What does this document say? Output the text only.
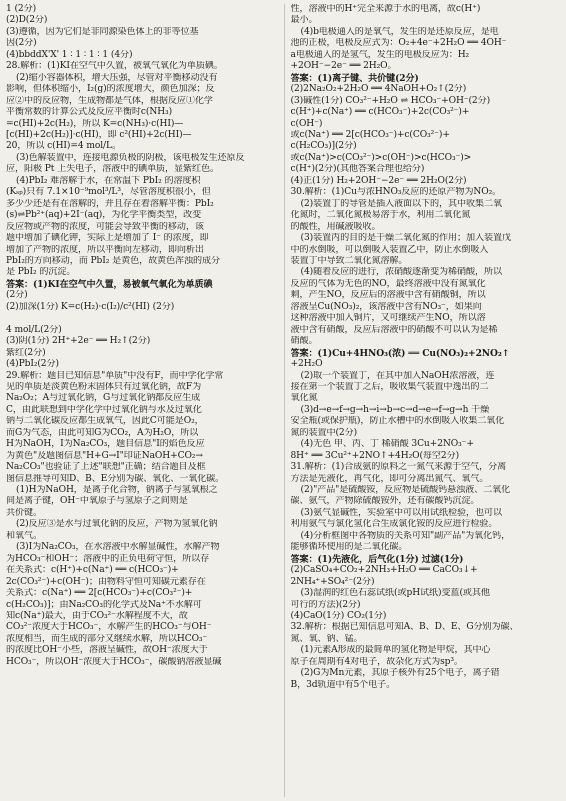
1 (2分)
(2)D(2分)
(3)遵循，因为它们是非同源染色体上的非等位基
因(2分)
(4)bbddX'X' 1 ∶ 1 ∶ 1 ∶ 1 (4分)
28.解析：(1)KI在空气中久置，被氧气氧化为单质碘。
(2)缩小容器体积，增大压强，尽管对平衡移动没有
影响，但体积缩小，I₂(g)的浓度增大，颜色加深；反
应②中的反应物，生成物都是气体，根据反应①化学
平衡常数的计算公式及反应平衡时c(NH₃)
=c(HI)+2c(H₂)，所以 K=c(NH₃)·c(HI)—
[c(HI)+2c(H₂)]·c(HI)，即 c²(HI)+2c(HI)—
20，所以 c(HI)=4 mol/L。
(3)色解装置中，连接电源负极的阴极，该电极发生还原反
应，阳极 Pt 上失电子，溶液中的碘单质，显紫红色。
(4)PbI₂ 难溶解于水，在常温下 PbI₂ 的溶度积
(Kₛₚ)只有 7.1×10⁻⁹mol³/L³，尽管溶度积很小，但
多少少还是有在溶解的，并且存在着溶解平衡：PbI₂
(s)⇌Pb²⁺(aq)+2I⁻(aq)，为化学平衡类型，改变
反应物或产物的浓度，可能会导致平衡的移动，该
题中增加了碘化钾，实际上是增加了 I⁻ 的浓度，即
增加了产物的浓度，所以平衡向左移动，即向析出
PbI₂的方向移动，而 PbI₂ 是黄色，故黄色浑浊的成分
是 PbI₂ 的沉淀。
答案：(1)KI在空气中久置，易被氧气氧化为单质碘
(2分)
(2)加深(1分) K=c(H₂)·c(I₂)/c²(HI) (2分)

4 mol/L(2分)
(3)阴(1分) 2H⁺+2e⁻ ══ H₂↑(2分)
紫红(2分)
(4)PbI₂(2分)
29.解析：题目已知信息"单质"中没有F，而中学化学常
见的单质是淡黄色粉末固体只有过氧化钠，故F为
Na₂O₂；A与过氧化钠，G与过氧化钠都反应生成
C，由此联想到中学化学中过氧化钠与水及过氧化
钠与二氧化碳反应都生成氧气，因此C可能是O₂，
而G为气态，由此可知G为CO₂，A为H₂O，所以
H为NaOH，I为Na₂CO₃，题目信息"I的焰色反应
为黄色"及题图信息"H+G→I"印证NaOH+CO₂→
Na₂CO₃"也验证了上述"联想"正确；结合题目及框
图信息推导可知D、B、E分别为碳、氧化、一氧化碳。
(1)H为NaOH，是离子化合物，钠离子与氢氧根之
间是离子键，OH⁻中氧原子与氢原子之间则是
共价键。
(2)反应③是水与过氧化钠的反应，产物为氢氧化钠
和氧气。
(3)I为Na₂CO₃，在水溶液中水解显碱性，水解产物
为HCO₃⁻和OH⁻；溶液中的正负电荷守恒，所以存
在关系式：c(H⁺)+c(Na⁺) ══ c(HCO₃⁻)+
2c(CO₃²⁻)+c(OH⁻)；由物料守恒可知碳元素存在
关系式：c(Na⁺) ══ 2[c(HCO₃⁻)+c(CO₃²⁻)+
c(H₂CO₃)]；由Na₂CO₃的化学式及Na⁺不水解可
知c(Na⁺)最大，由于CO₃²⁻水解程度不大，故
CO₃²⁻浓度大于HCO₃⁻，水解产生的HCO₃⁻与OH⁻
浓度相当，而生成的部分又继续水解，所以HCO₃⁻
的浓度比OH⁻小些，溶液呈碱性，故OH⁻浓度大于
HCO₃⁻，所以OH⁻浓度大于HCO₃⁻，碳酸钠溶液显碱
性，溶液中的H⁺完全来源于水的电离，故c(H⁺)
最小。
(4)b电极通入的是氧气，发生的是还原反应，是电
池的正极，电极反应式为：O₂+4e⁻+2H₂O ══ 4OH⁻
a电极通入的是氢气，发生的电极反应为：H₂
+2OH⁻−2e⁻ ══ 2H₂O。
答案：(1)离子键、共价键(2分)
(2)2Na₂O₂+2H₂O ══ 4NaOH+O₂↑(2分)
(3)碱性(1分) CO₃²⁻+H₂O ⇌ HCO₃⁻+OH⁻(2分)
c(H⁺)+c(Na⁺) ══ c(HCO₃⁻)+2c(CO₃²⁻)+
c(OH⁻)
或c(Na⁺) ══ 2[c(HCO₃⁻)+c(CO₃²⁻)+
c(H₂CO₃)](2分)
或c(Na⁺)>c(CO₃²⁻)>c(OH⁻)>c(HCO₃⁻)>
c(H⁺)(2分)(其他答案合理也给分)
(4)正(1分) H₂+2OH⁻−2e⁻ ══ 2H₂O(2分)
30.解析：(1)Cu与浓HNO₃反应的还原产物为NO₂。
(2)装置丁的导管是插入液面以下的，其中收集二氧
化氮时，二氧化氮极易溶于水，利用二氧化氮
的酸性，用碱液吸收。
(3)装置丙的目的是干燥二氧化氮的作用；加入装置戊
中的水倒吸，可以倒吸入装置乙中，防止水倒吸入
装置丁中导致二氧化氮溶解。
(4)随着反应的进行，浓硝酸逐渐变为稀硝酸，所以
反应的气体为无色的NO，最终溶液中没有氮氧化
剩，产生NO，反应后的溶液中含有硝酸铜，所以
溶液呈Cu(NO₃)₂，该溶液中含有NO₃⁻，如果向
这种溶液中加入铜片，又可继续产生NO，所以溶
液中含有硝酸，反应后溶液中的硝酸不可以认为是稀
硝酸。
答案：(1)Cu+4HNO₃(浓) ══ Cu(NO₃)₂+2NO₂↑
+2H₂O
(2)取一个装置丁，在其中加入NaOH浓溶液，连
接在第一个装置丁之后，吸收集气装置中逸出的二
氧化氮
(3)d→e→f→g→h→i→b→c→d→e→f→g→h 干燥
安全瓶(或保护瓶)，防止水槽中的水倒吸入收集二氧化
氮的装置中(2分)
(4)无色 甲、丙、丁 稀硝酸 3Cu+2NO₃⁻+
8H⁺ ══ 3Cu²⁺+2NO↑+4H₂O(每空2分)
31.解析：(1)合成氨的原料之一氮气来源于空气，分离
方法是先液化，再气化，即可分离出氮气、氧气。
(2)"产品"是硫酸铵，反应物是硫酸钙悬浊液、二氧化
碳、氨气，产物除硫酸铵外，还有碳酸钙沉淀。
(3)氨气显碱性，实验室中可以用试纸检验，也可以
利用氨气与氯化氢化合生成氯化铵的反应进行检验。
(4)分析框图中各物质的关系可知"副产品"为氧化钙，
能够循环使用的是二氧化碳。
答案：(1)先液化，后气化(1分) 过滤(1分)
(2)CaSO₄+CO₂+2NH₃+H₂O ══ CaCO₃↓+
2NH₄⁺+SO₄²⁻(2分)
(3)湿润的红色石蕊试纸(或pH试纸)变蓝(或其他
可行的方法)(2分)
(4)CaO(1分) CO₂(1分)
32.解析：根据已知信息可知A、B、D、E、G分别为碳、
氮、氧、钠、锰。
(1)元素A形成的最简单的氢化物是甲烷，其中心
原子在周期有4对电子，故杂化方式为sp³。
(2)G为Mn元素，其原子核外有25个电子，离子错
B，3d轨道中有5个电子。
